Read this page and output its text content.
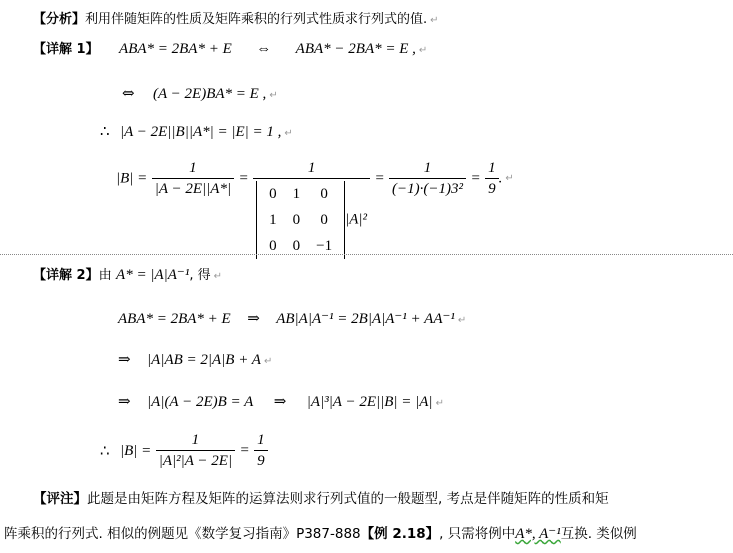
【分析】利用伴随矩阵的性质及矩阵乘积的行列式性质求行列式的值. ↵
【详解 1】 ABA* = 2BA* + E ⇔ ABA* − 2BA* = E , ↵
⇔ (A − 2E)BA* = E , ↵
∴ |A − 2E||B||A*| = |E| = 1 , ↵
$|B| = \frac{1}{|A - 2E||A*|}$ =
1
0	1	0
1	0	0
0	0	−1
|A|²
= $\frac{1}{\text{(−1)·(−1)3²}} = \frac{1}{9}$ . ↵
【详解 2】由 A* = |A|A⁻¹, 得 ↵
ABA* = 2BA* + E ⇒ AB|A|A⁻¹ = 2B|A|A⁻¹ + AA⁻¹ ↵
⇒ |A|AB = 2|A|B + A ↵
⇒ |A|(A − 2E)B = A ⇒ |A|³|A − 2E||B| = |A| ↵
∴ $|B| = \frac{1}{\text{|A|²|A − 2E|}} = \frac{1}{9}$
【评注】此题是由矩阵方程及矩阵的运算法则求行列式值的一般题型, 考点是伴随矩阵的性质和矩
阵乘积的行列式. 相似的例题见《数学复习指南》P387-888【例 2.18】, 只需将例中A*, A⁻¹互换. 类似例
